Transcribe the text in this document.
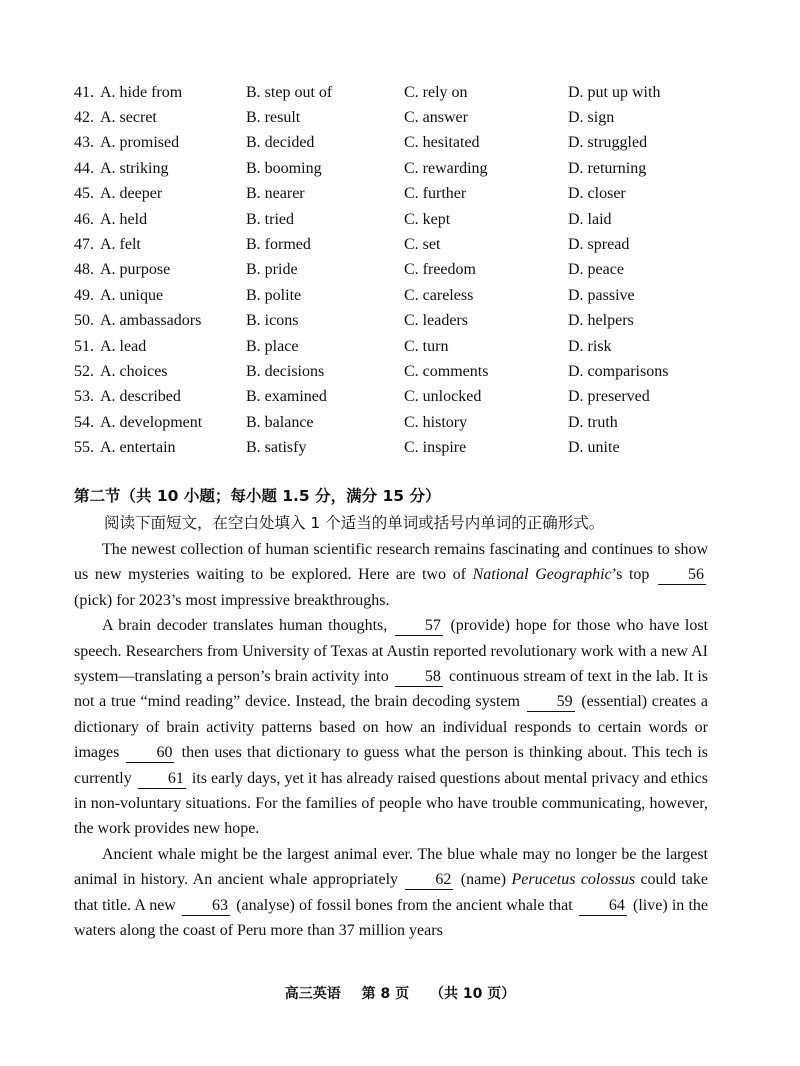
41. A. hide from	B. step out of	C. rely on	D. put up with
42. A. secret	B. result	C. answer	D. sign
43. A. promised	B. decided	C. hesitated	D. struggled
44. A. striking	B. booming	C. rewarding	D. returning
45. A. deeper	B. nearer	C. further	D. closer
46. A. held	B. tried	C. kept	D. laid
47. A. felt	B. formed	C. set	D. spread
48. A. purpose	B. pride	C. freedom	D. peace
49. A. unique	B. polite	C. careless	D. passive
50. A. ambassadors	B. icons	C. leaders	D. helpers
51. A. lead	B. place	C. turn	D. risk
52. A. choices	B. decisions	C. comments	D. comparisons
53. A. described	B. examined	C. unlocked	D. preserved
54. A. development	B. balance	C. history	D. truth
55. A. entertain	B. satisfy	C. inspire	D. unite
第二节（共 10 小题；每小题 1.5 分，满分 15 分）
阅读下面短文，在空白处填入 1 个适当的单词或括号内单词的正确形式。

The newest collection of human scientific research remains fascinating and continues to show us new mysteries waiting to be explored. Here are two of National Geographic’s top 56 (pick) for 2023’s most impressive breakthroughs.

A brain decoder translates human thoughts, 57 (provide) hope for those who have lost speech. Researchers from University of Texas at Austin reported revolutionary work with a new AI system—translating a person’s brain activity into 58 continuous stream of text in the lab. It is not a true “mind reading” device. Instead, the brain decoding system 59 (essential) creates a dictionary of brain activity patterns based on how an individual responds to certain words or images 60 then uses that dictionary to guess what the person is thinking about. This tech is currently 61 its early days, yet it has already raised questions about mental privacy and ethics in non-voluntary situations. For the families of people who have trouble communicating, however, the work provides new hope.

Ancient whale might be the largest animal ever. The blue whale may no longer be the largest animal in history. An ancient whale appropriately 62 (name) Perucetus colossus could take that title. A new 63 (analyse) of fossil bones from the ancient whale that 64 (live) in the waters along the coast of Peru more than 37 million years

高三英语 第 8 页 （共 10 页）
